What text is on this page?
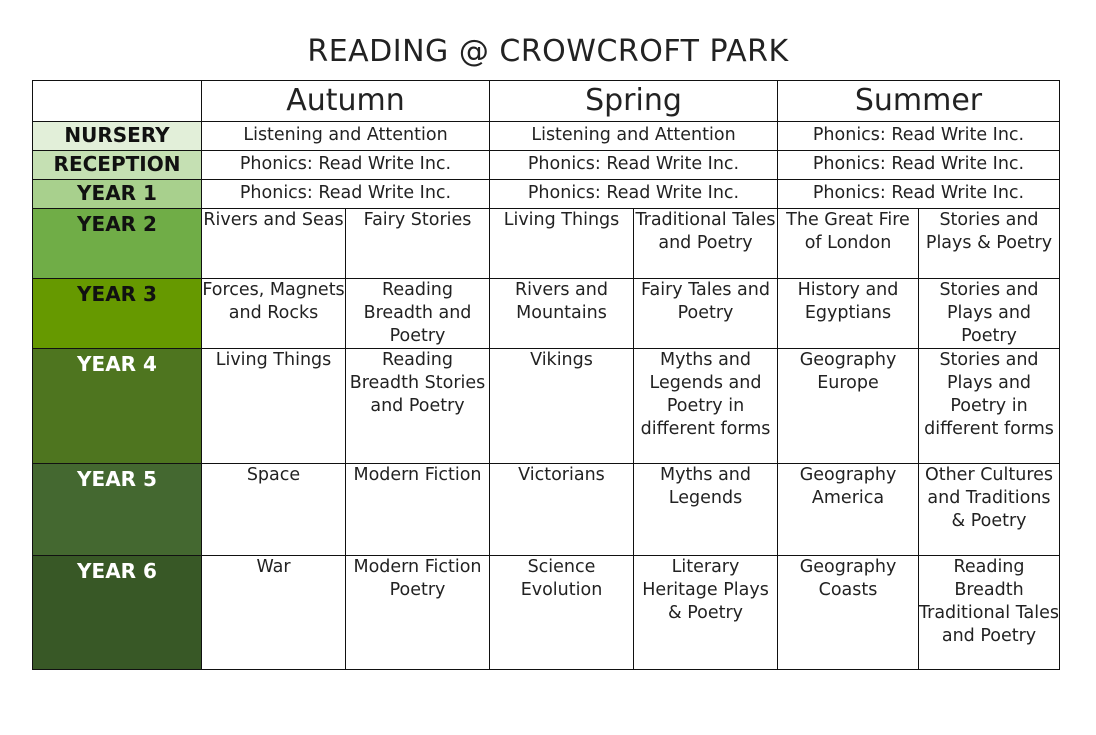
READING @ CROWCROFT PARK
	Autumn		Spring		Summer	
NURSERY	Listening and Attention		Listening and Attention		Phonics: Read Write Inc.	
RECEPTION	Phonics: Read Write Inc.		Phonics: Read Write Inc.		Phonics: Read Write Inc.	
YEAR 1	Phonics: Read Write Inc.		Phonics: Read Write Inc.		Phonics: Read Write Inc.	
YEAR 2	Rivers and Seas	Fairy Stories	Living Things	Traditional Tales and Poetry	The Great Fire of London	Stories and Plays & Poetry
YEAR 3	Forces, Magnets and Rocks	Reading Breadth and Poetry	Rivers and Mountains	Fairy Tales and Poetry	History and Egyptians	Stories and Plays and Poetry
YEAR 4	Living Things	Reading Breadth Stories and Poetry	Vikings	Myths and Legends and Poetry in different forms	Geography Europe	Stories and Plays and Poetry in different forms
YEAR 5	Space	Modern Fiction	Victorians	Myths and Legends	Geography America	Other Cultures and Traditions & Poetry
YEAR 6	War	Modern Fiction Poetry	Science Evolution	Literary Heritage Plays & Poetry	Geography Coasts	Reading Breadth Traditional Tales and Poetry
